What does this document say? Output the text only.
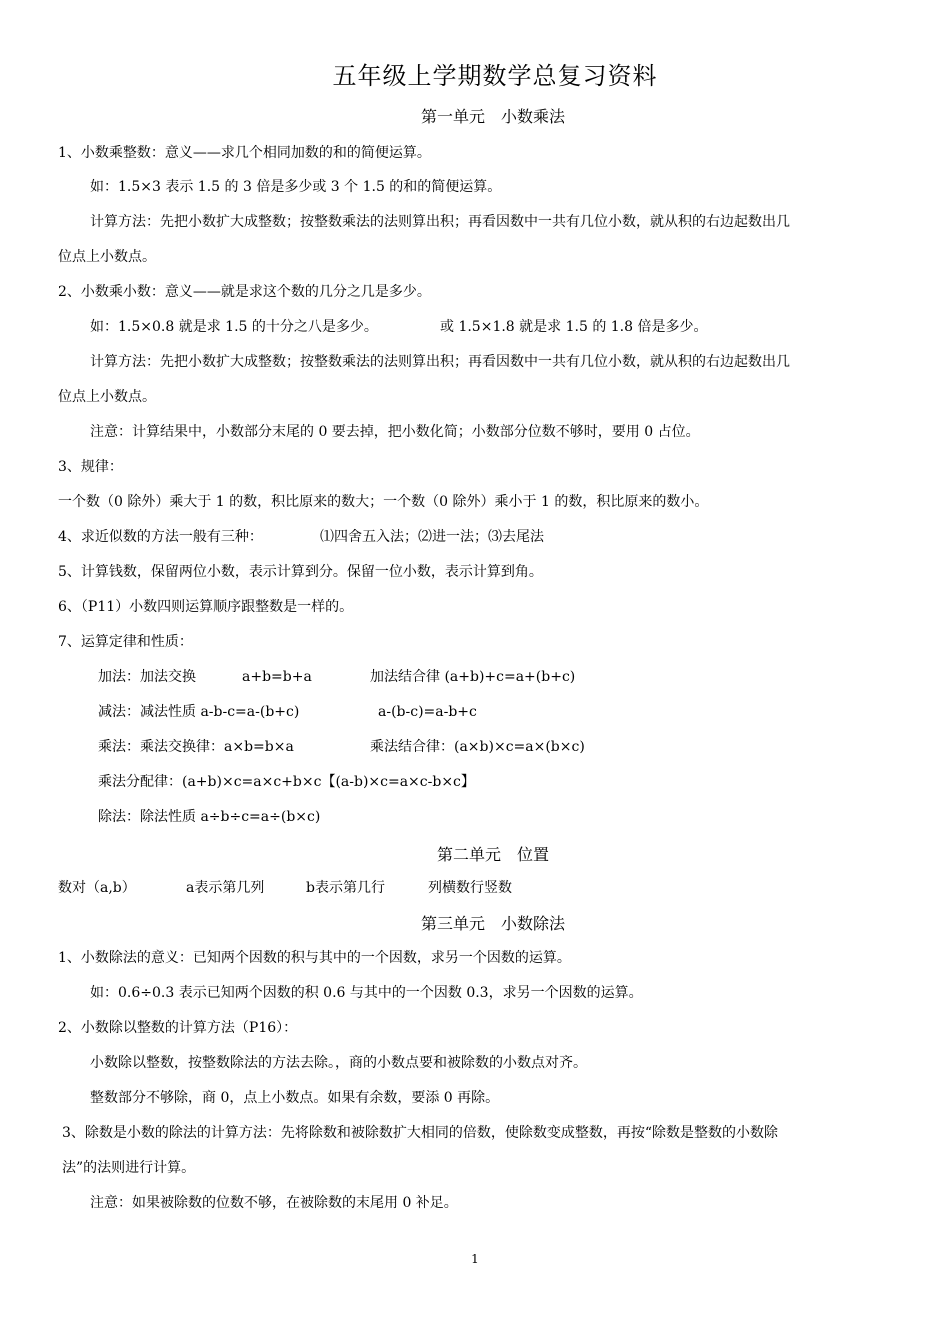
五年级上学期数学总复习资料
第一单元　小数乘法
1、小数乘整数：意义——求几个相同加数的和的简便运算。
如：1.5×3 表示 1.5 的 3 倍是多少或 3 个 1.5 的和的简便运算。
计算方法：先把小数扩大成整数；按整数乘法的法则算出积；再看因数中一共有几位小数，就从积的右边起数出几
位点上小数点。
2、小数乘小数：意义——就是求这个数的几分之几是多少。
如：1.5×0.8 就是求 1.5 的十分之八是多少。	或 1.5×1.8 就是求 1.5 的 1.8 倍是多少。
计算方法：先把小数扩大成整数；按整数乘法的法则算出积；再看因数中一共有几位小数，就从积的右边起数出几
位点上小数点。
注意：计算结果中，小数部分末尾的 0 要去掉，把小数化简；小数部分位数不够时，要用 0 占位。
3、规律：
一个数（0 除外）乘大于 1 的数，积比原来的数大；一个数（0 除外）乘小于 1 的数，积比原来的数小。
4、求近似数的方法一般有三种：	⑴四舍五入法；⑵进一法；⑶去尾法
5、计算钱数，保留两位小数，表示计算到分。保留一位小数，表示计算到角。
6、（P11）小数四则运算顺序跟整数是一样的。
7、运算定律和性质：
加法：加法交换	a+b=b+a	加法结合律 (a+b)+c=a+(b+c)
减法：减法性质 a-b-c=a-(b+c)	a-(b-c)=a-b+c
乘法：乘法交换律：a×b=b×a	乘法结合律：(a×b)×c=a×(b×c)
乘法分配律：(a+b)×c=a×c+b×c【(a-b)×c=a×c-b×c】
除法：除法性质 a÷b÷c=a÷(b×c)
第二单元　位置
数对（a,b）	a表示第几列	b表示第几行	列横数行竖数
第三单元　小数除法
1、小数除法的意义：已知两个因数的积与其中的一个因数，求另一个因数的运算。
如：0.6÷0.3 表示已知两个因数的积 0.6 与其中的一个因数 0.3，求另一个因数的运算。
2、小数除以整数的计算方法（P16）：
小数除以整数，按整数除法的方法去除。，商的小数点要和被除数的小数点对齐。
整数部分不够除，商 0，点上小数点。如果有余数，要添 0 再除。
3、除数是小数的除法的计算方法：先将除数和被除数扩大相同的倍数，使除数变成整数，再按“除数是整数的小数除
法”的法则进行计算。
注意：如果被除数的位数不够，在被除数的末尾用 0 补足。
1
